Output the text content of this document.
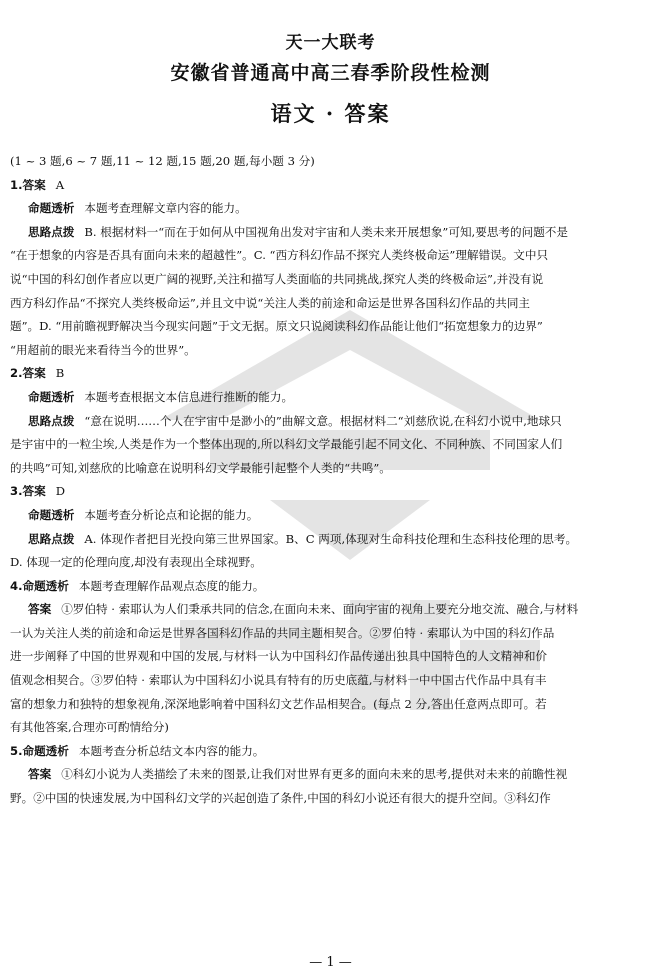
天一大联考
安徽省普通高中高三春季阶段性检测
语文 · 答案
(1 ~ 3 题,6 ~ 7 题,11 ~ 12 题,15 题,20 题,每小题 3 分)
1.答案 A
命题透析 本题考查理解文章内容的能力。
思路点拨 B. 根据材料一“而在于如何从中国视角出发对宇宙和人类未来开展想象”可知,要思考的问题不是
“在于想象的内容是否具有面向未来的超越性”。C. “西方科幻作品不探究人类终极命运”理解错误。文中只
说“中国的科幻创作者应以更广阔的视野,关注和描写人类面临的共同挑战,探究人类的终极命运”,并没有说
西方科幻作品“不探究人类终极命运”,并且文中说“关注人类的前途和命运是世界各国科幻作品的共同主
题”。D. “用前瞻视野解决当今现实问题”于文无据。原文只说阅读科幻作品能让他们“拓宽想象力的边界”
“用超前的眼光来看待当今的世界”。
2.答案 B
命题透析 本题考查根据文本信息进行推断的能力。
思路点拨 “意在说明……个人在宇宙中是渺小的”曲解文意。根据材料二“刘慈欣说,在科幻小说中,地球只
是宇宙中的一粒尘埃,人类是作为一个整体出现的,所以科幻文学最能引起不同文化、不同种族、不同国家人们
的共鸣”可知,刘慈欣的比喻意在说明科幻文学最能引起整个人类的“共鸣”。
3.答案 D
命题透析 本题考查分析论点和论据的能力。
思路点拨 A. 体现作者把目光投向第三世界国家。B、C 两项,体现对生命科技伦理和生态科技伦理的思考。
D. 体现一定的伦理向度,却没有表现出全球视野。
4.命题透析 本题考查理解作品观点态度的能力。
答案 ①罗伯特 · 索耶认为人们秉承共同的信念,在面向未来、面向宇宙的视角上要充分地交流、融合,与材料
一认为关注人类的前途和命运是世界各国科幻作品的共同主题相契合。②罗伯特 · 索耶认为中国的科幻作品
进一步阐释了中国的世界观和中国的发展,与材料一认为中国科幻作品传递出独具中国特色的人文精神和价
值观念相契合。③罗伯特 · 索耶认为中国科幻小说具有特有的历史底蕴,与材料一中中国古代作品中具有丰
富的想象力和独特的想象视角,深深地影响着中国科幻文艺作品相契合。(每点 2 分,答出任意两点即可。若
有其他答案,合理亦可酌情给分)
5.命题透析 本题考查分析总结文本内容的能力。
答案 ①科幻小说为人类描绘了未来的图景,让我们对世界有更多的面向未来的思考,提供对未来的前瞻性视
野。②中国的快速发展,为中国科幻文学的兴起创造了条件,中国的科幻小说还有很大的提升空间。③科幻作
— 1 —
